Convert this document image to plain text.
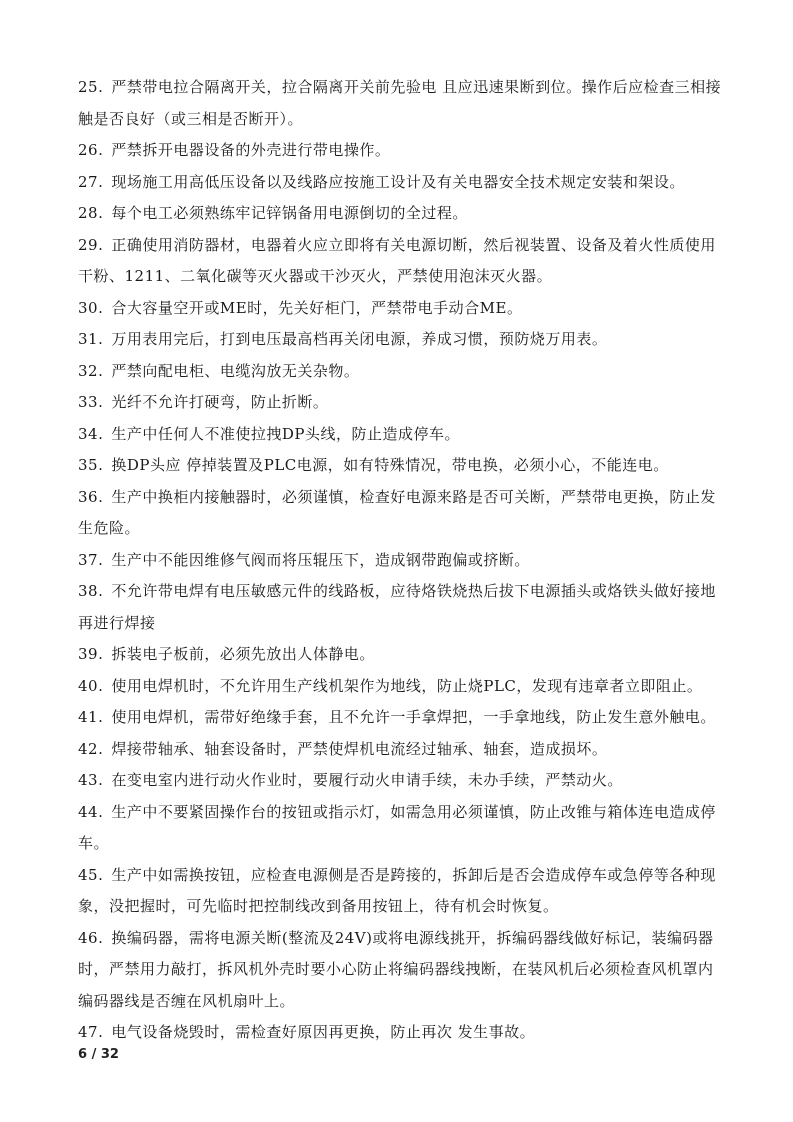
25. 严禁带电拉合隔离开关，拉合隔离开关前先验电 且应迅速果断到位。操作后应检查三相接触是否良好（或三相是否断开）。
26. 严禁拆开电器设备的外壳进行带电操作。
27. 现场施工用高低压设备以及线路应按施工设计及有关电器安全技术规定安装和架设。
28. 每个电工必须熟练牢记锌锅备用电源倒切的全过程。
29. 正确使用消防器材，电器着火应立即将有关电源切断，然后视装置、设备及着火性质使用干粉、1211、二氧化碳等灭火器或干沙灭火，严禁使用泡沫灭火器。
30. 合大容量空开或ME时，先关好柜门，严禁带电手动合ME。
31. 万用表用完后，打到电压最高档再关闭电源，养成习惯，预防烧万用表。
32. 严禁向配电柜、电缆沟放无关杂物。
33. 光纤不允许打硬弯，防止折断。
34. 生产中任何人不准使拉拽DP头线，防止造成停车。
35. 换DP头应 停掉装置及PLC电源，如有特殊情况，带电换，必须小心，不能连电。
36. 生产中换柜内接触器时，必须谨慎，检查好电源来路是否可关断，严禁带电更换，防止发生危险。
37. 生产中不能因维修气阀而将压辊压下，造成钢带跑偏或挤断。
38. 不允许带电焊有电压敏感元件的线路板，应待烙铁烧热后拔下电源插头或烙铁头做好接地再进行焊接
39. 拆装电子板前，必须先放出人体静电。
40. 使用电焊机时，不允许用生产线机架作为地线，防止烧PLC，发现有违章者立即阻止。
41. 使用电焊机，需带好绝缘手套，且不允许一手拿焊把，一手拿地线，防止发生意外触电。
42. 焊接带轴承、轴套设备时，严禁使焊机电流经过轴承、轴套，造成损坏。
43. 在变电室内进行动火作业时，要履行动火申请手续，未办手续，严禁动火。
44. 生产中不要紧固操作台的按钮或指示灯，如需急用必须谨慎，防止改锥与箱体连电造成停车。
45. 生产中如需换按钮，应检查电源侧是否是跨接的，拆卸后是否会造成停车或急停等各种现象，没把握时，可先临时把控制线改到备用按钮上，待有机会时恢复。
46. 换编码器，需将电源关断(整流及24V)或将电源线挑开，拆编码器线做好标记，装编码器时，严禁用力敲打，拆风机外壳时要小心防止将编码器线拽断，在装风机后必须检查风机罩内编码器线是否缠在风机扇叶上。
47. 电气设备烧毁时，需检查好原因再更换，防止再次 发生事故。
6 / 32
